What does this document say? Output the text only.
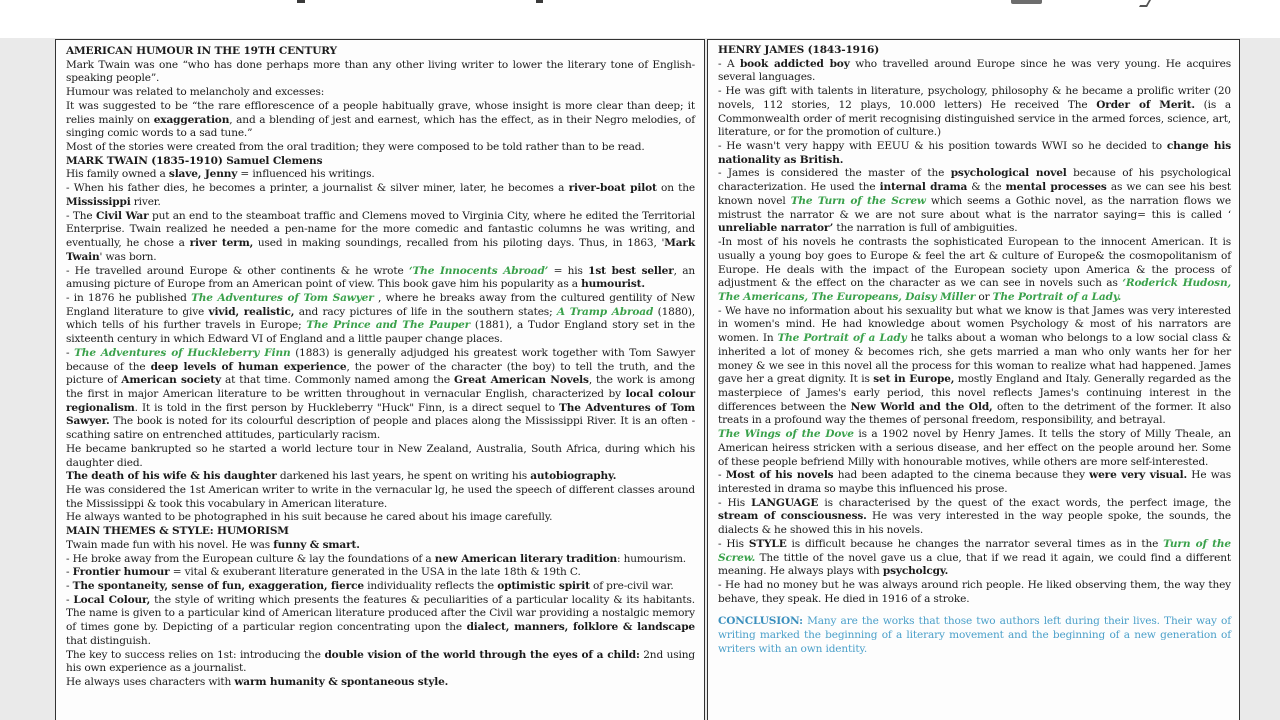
AMERICAN HUMOUR IN THE 19TH CENTURY

Mark Twain was one “who has done perhaps more than any other living writer to lower the literary tone of English-speaking people”.

Humour was related to melancholy and excesses:

It was suggested to be “the rare efflorescence of a people habitually grave, whose insight is more clear than deep; it relies mainly on exaggeration, and a blending of jest and earnest, which has the effect, as in their Negro melodies, of singing comic words to a sad tune.”

Most of the stories were created from the oral tradition; they were composed to be told rather than to be read.

MARK TWAIN (1835-1910) Samuel Clemens

His family owned a slave, Jenny = influenced his writings.

- When his father dies, he becomes a printer, a journalist & silver miner, later, he becomes a river-boat pilot on the Mississippi river.

- The Civil War put an end to the steamboat traffic and Clemens moved to Virginia City, where he edited the Territorial Enterprise. Twain realized he needed a pen-name for the more comedic and fantastic columns he was writing, and eventually, he chose a river term, used in making soundings, recalled from his piloting days. Thus, in 1863, 'Mark Twain' was born.

- He travelled around Europe & other continents & he wrote ‘The Innocents Abroad’ = his 1st best seller, an amusing picture of Europe from an American point of view. This book gave him his popularity as a humourist.

- in 1876 he published The Adventures of Tom Sawyer , where he breaks away from the cultured gentility of New England literature to give vivid, realistic, and racy pictures of life in the southern states; A Tramp Abroad (1880), which tells of his further travels in Europe; The Prince and The Pauper (1881), a Tudor England story set in the sixteenth century in which Edward VI of England and a little pauper change places.

- The Adventures of Huckleberry Finn (1883) is generally adjudged his greatest work together with Tom Sawyer because of the deep levels of human experience, the power of the character (the boy) to tell the truth, and the picture of American society at that time. Commonly named among the Great American Novels, the work is among the first in major American literature to be written throughout in vernacular English, characterized by local colour regionalism. It is told in the first person by Huckleberry "Huck" Finn, is a direct sequel to The Adventures of Tom Sawyer. The book is noted for its colourful description of people and places along the Mississippi River. It is an often -scathing satire on entrenched attitudes, particularly racism.

He became bankrupted so he started a world lecture tour in New Zealand, Australia, South Africa, during which his daughter died.

The death of his wife & his daughter darkened his last years, he spent on writing his autobiography.

He was considered the 1st American writer to write in the vernacular lg, he used the speech of different classes around the Mississippi & took this vocabulary in American literature.

He always wanted to be photographed in his suit because he cared about his image carefully.

MAIN THEMES & STYLE: HUMORISM

Twain made fun with his novel. He was funny & smart.

- He broke away from the European culture & lay the foundations of a new American literary tradition: humourism.

- Frontier humour = vital & exuberant literature generated in the USA in the late 18th & 19th C.

- The spontaneity, sense of fun, exaggeration, fierce individuality reflects the optimistic spirit of pre-civil war.

- Local Colour, the style of writing which presents the features & peculiarities of a particular locality & its habitants. The name is given to a particular kind of American literature produced after the Civil war providing a nostalgic memory of times gone by. Depicting of a particular region concentrating upon the dialect, manners, folklore & landscape that distinguish.

The key to success relies on 1st: introducing the double vision of the world through the eyes of a child: 2nd using his own experience as a journalist.

He always uses characters with warm humanity & spontaneous style.

HENRY JAMES (1843-1916)

- A book addicted boy who travelled around Europe since he was very young. He acquires several languages.

- He was gift with talents in literature, psychology, philosophy & he became a prolific writer (20 novels, 112 stories, 12 plays, 10.000 letters) He received The Order of Merit. (is a Commonwealth order of merit recognising distinguished service in the armed forces, science, art, literature, or for the promotion of culture.)

- He wasn't very happy with EEUU & his position towards WWI so he decided to change his nationality as British.

- James is considered the master of the psychological novel because of his psychological characterization. He used the internal drama & the mental processes as we can see his best known novel The Turn of the Screw which seems a Gothic novel, as the narration flows we mistrust the narrator & we are not sure about what is the narrator saying= this is called ‘ unreliable narrator’ the narration is full of ambiguities.

-In most of his novels he contrasts the sophisticated European to the innocent American. It is usually a young boy goes to Europe & feel the art & culture of Europe& the cosmopolitanism of Europe. He deals with the impact of the European society upon America & the process of adjustment & the effect on the character as we can see in novels such as ‘Roderick Hudosn, The Americans, The Europeans, Daisy Miller or The Portrait of a Lady.

- We have no information about his sexuality but what we know is that James was very interested in women's mind. He had knowledge about women Psychology & most of his narrators are women. In The Portrait of a Lady he talks about a woman who belongs to a low social class & inherited a lot of money & becomes rich, she gets married a man who only wants her for her money & we see in this novel all the process for this woman to realize what had happened. James gave her a great dignity. It is set in Europe, mostly England and Italy. Generally regarded as the masterpiece of James's early period, this novel reflects James's continuing interest in the differences between the New World and the Old, often to the detriment of the former. It also treats in a profound way the themes of personal freedom, responsibility, and betrayal.

The Wings of the Dove is a 1902 novel by Henry James. It tells the story of Milly Theale, an American heiress stricken with a serious disease, and her effect on the people around her. Some of these people befriend Milly with honourable motives, while others are more self-interested.

- Most of his novels had been adapted to the cinema because they were very visual. He was interested in drama so maybe this influenced his prose.

- His LANGUAGE is characterised by the quest of the exact words, the perfect image, the stream of consciousness. He was very interested in the way people spoke, the sounds, the dialects & he showed this in his novels.

- His STYLE is difficult because he changes the narrator several times as in the Turn of the Screw. The tittle of the novel gave us a clue, that if we read it again, we could find a different meaning. He always plays with psycholcgy.

- He had no money but he was always around rich people. He liked observing them, the way they behave, they speak. He died in 1916 of a stroke.

CONCLUSION: Many are the works that those two authors left during their lives. Their way of writing marked the beginning of a literary movement and the beginning of a new generation of writers with an own identity.
